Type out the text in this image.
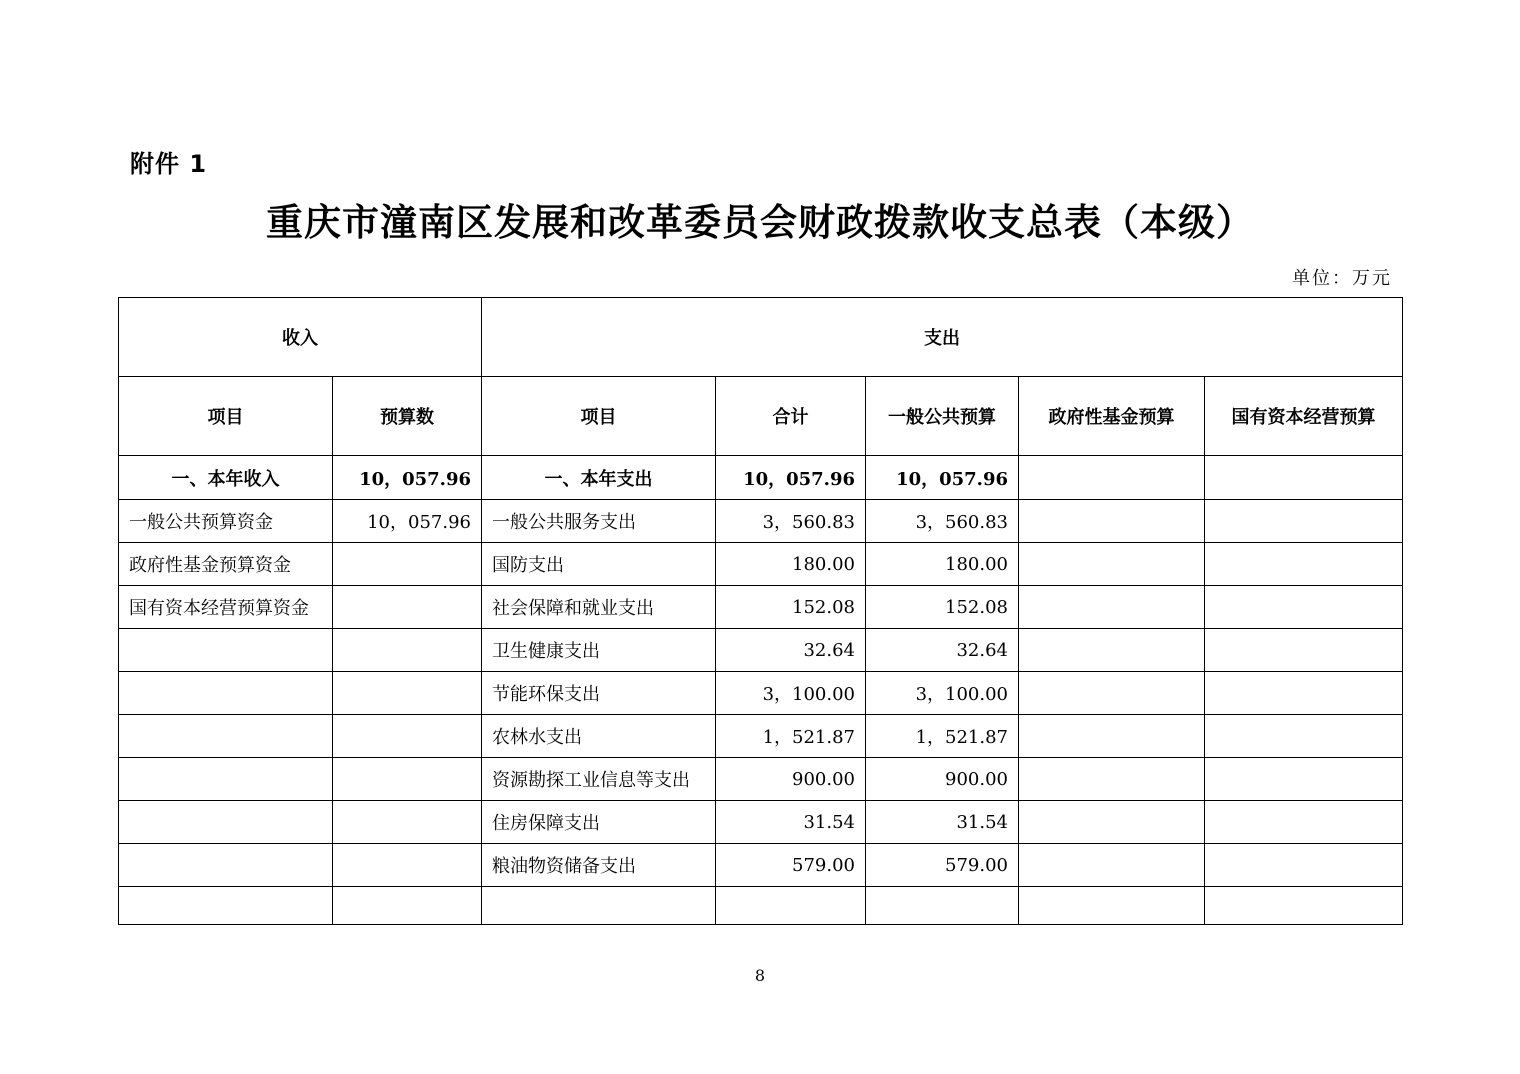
附件 1
重庆市潼南区发展和改革委员会财政拨款收支总表（本级）
单位：万元
收入		支出				
项目	预算数	项目	合计	一般公共预算	政府性基金预算	国有资本经营预算
一、本年收入	10，057.96	一、本年支出	10，057.96	10，057.96		
一般公共预算资金	10，057.96	一般公共服务支出	3，560.83	3，560.83		
政府性基金预算资金		国防支出	180.00	180.00		
国有资本经营预算资金		社会保障和就业支出	152.08	152.08		
		卫生健康支出	32.64	32.64		
		节能环保支出	3，100.00	3，100.00		
		农林水支出	1，521.87	1，521.87		
		资源勘探工业信息等支出	900.00	900.00		
		住房保障支出	31.54	31.54		
		粮油物资储备支出	579.00	579.00		

8
